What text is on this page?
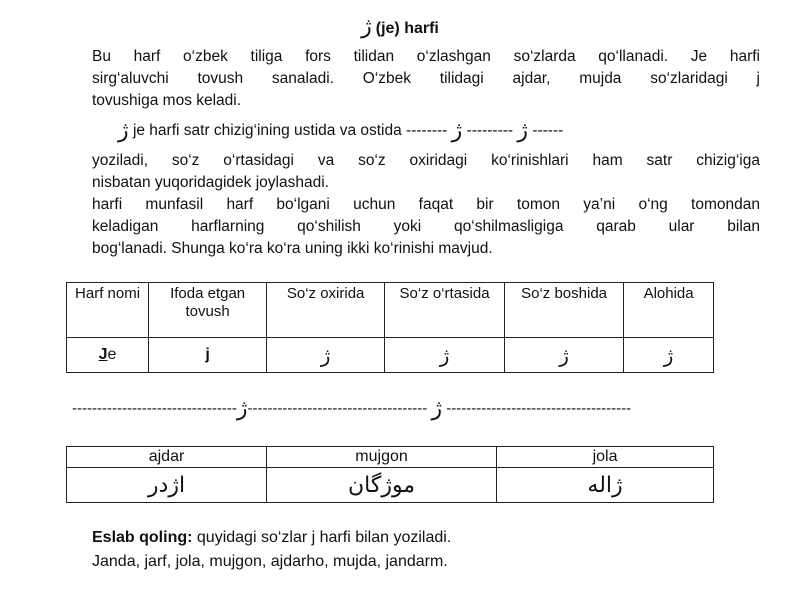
ژ (je) harfi
Bu harf o‘zbek tiliga fors tilidan o‘zlashgan so‘zlarda qo‘llanadi. Je harfi
sirg‘aluvchi tovush sanaladi. O‘zbek tilidagi ajdar, mujda so‘zlaridagi j
tovushiga mos keladi.
ژ je harfi satr chizig‘ining ustida va ostida --------	ژ --------- ژ	------
yoziladi, so‘z o‘rtasidagi va so‘z oxiridagi ko‘rinishlari ham satr chizig‘iga
nisbatan yuqoridagidek joylashadi.
harfi munfasil harf bo‘lgani uchun faqat bir tomon ya’ni o‘ng tomondan
keladigan harflarning qo‘shilish yoki qo‘shilmasligiga qarab ular bilan
bog‘lanadi. Shunga ko‘ra ko‘ra uning ikki ko‘rinishi mavjud.
Harf nomi	Ifoda etgan tovush	So‘z oxirida	So‘z o‘rtasida	So‘z boshida	Alohida
Je	j	ژ	ژ	ژ	ژ
---------------------------------	ژ ------------------------------------ژ	-------------------------------------
ajdar	mujgon	jola
اژدر	موژگان	ژاله
Eslab qoling: quyidagi so‘zlar j harfi bilan yoziladi.
Janda, jarf, jola, mujgon, ajdarho, mujda, jandarm.
